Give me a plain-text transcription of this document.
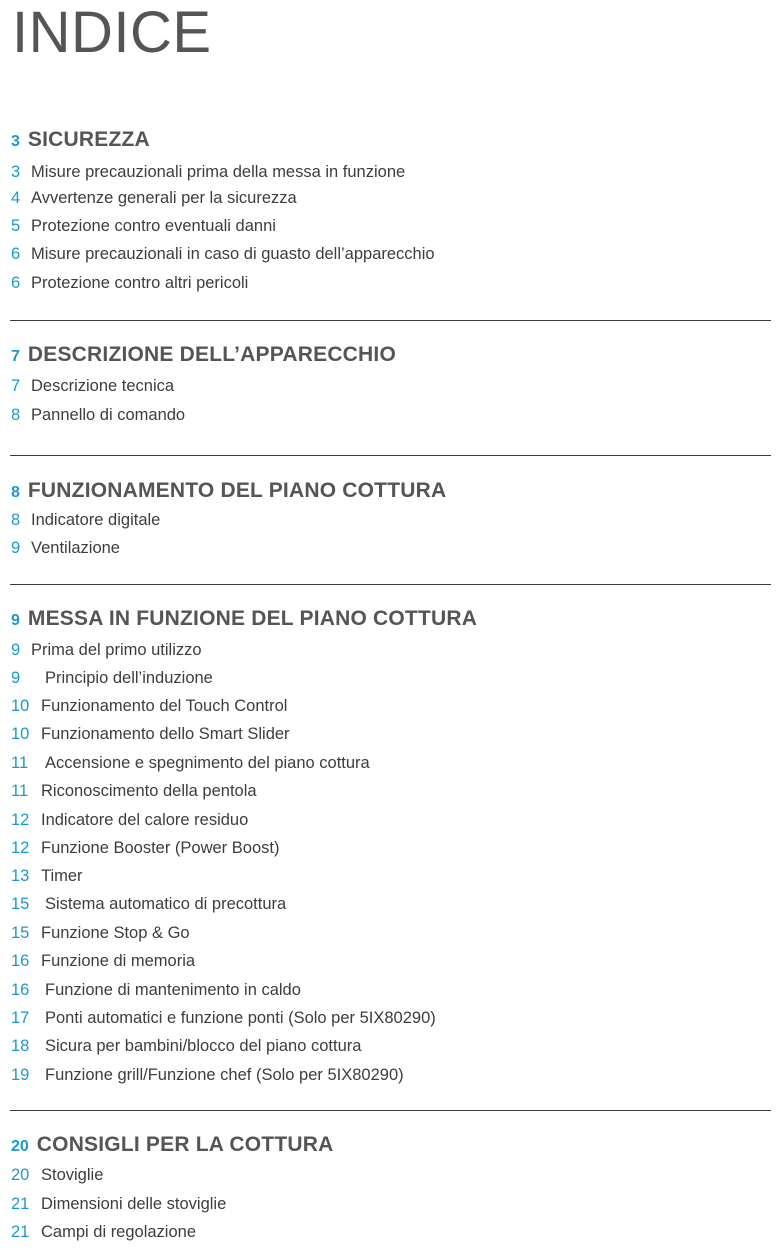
INDICE
3 SICUREZZA
3 Misure precauzionali prima della messa in funzione
4 Avvertenze generali per la sicurezza
5 Protezione contro eventuali danni
6 Misure precauzionali in caso di guasto dell’apparecchio
6 Protezione contro altri pericoli
7 DESCRIZIONE DELL’APPARECCHIO
7 Descrizione tecnica
8 Pannello di comando
8 FUNZIONAMENTO DEL PIANO COTTURA
8 Indicatore digitale
9 Ventilazione
9 MESSA IN FUNZIONE DEL PIANO COTTURA
9 Prima del primo utilizzo
9	Principio dell’induzione
10 Funzionamento del Touch Control
10 Funzionamento dello Smart Slider
11	Accensione e spegnimento del piano cottura
11 Riconoscimento della pentola
12 Indicatore del calore residuo
12 Funzione Booster (Power Boost)
13 Timer
15 Sistema automatico di precottura
15 Funzione Stop & Go
16 Funzione di memoria
16 Funzione di mantenimento in caldo
17 Ponti automatici e funzione ponti (Solo per 5IX80290)
18 Sicura per bambini/blocco del piano cottura
19 Funzione grill/Funzione chef (Solo per 5IX80290)
20 CONSIGLI PER LA COTTURA
20 Stoviglie
21 Dimensioni delle stoviglie
21 Campi di regolazione
